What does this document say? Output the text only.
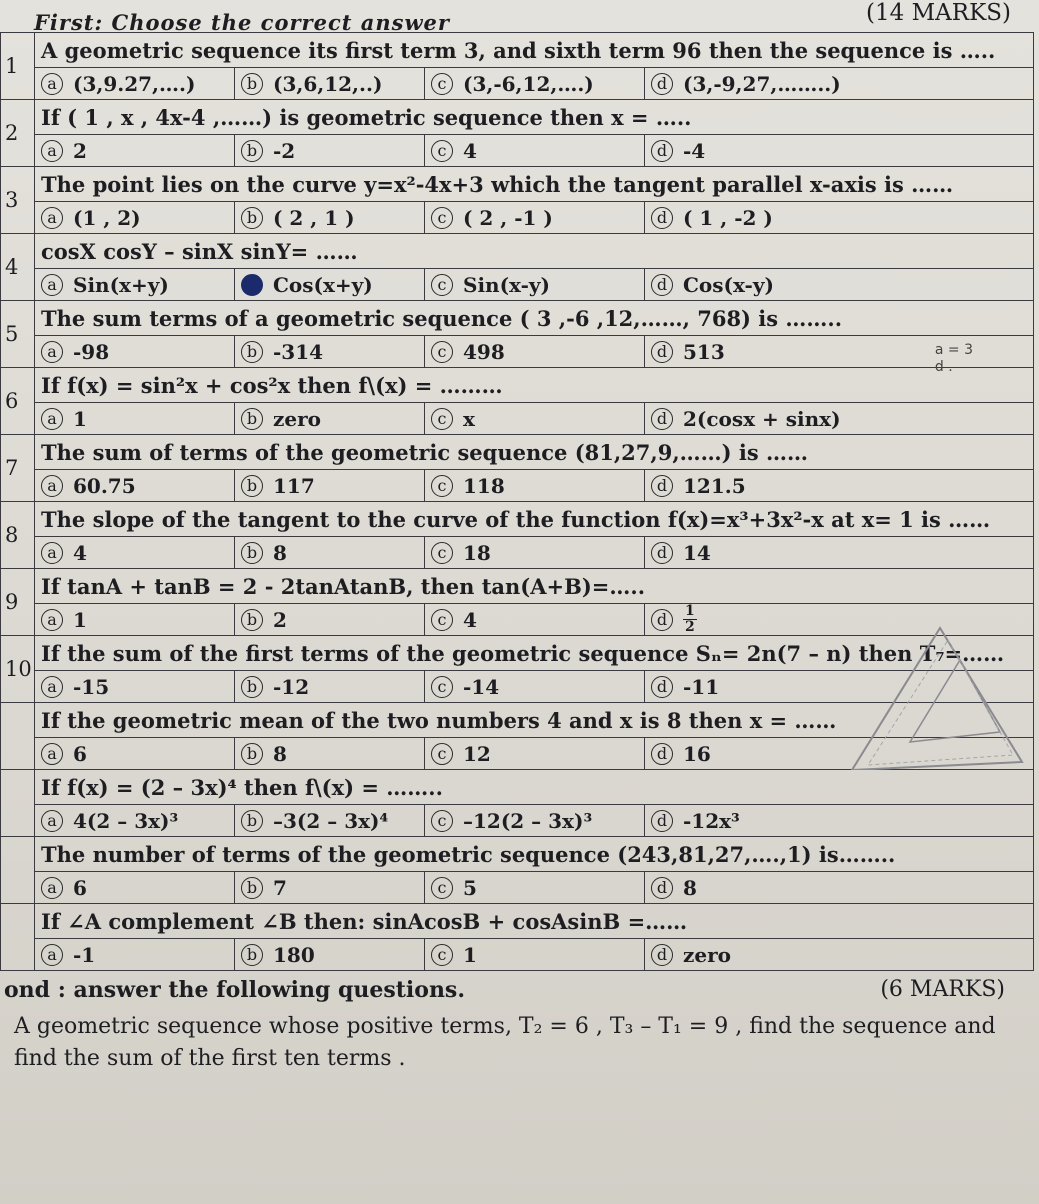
First: Choose the correct answer	(14 MARKS)
1	A geometric sequence its first term 3, and sixth term 96 then the sequence is …..			

	a (3,9.27,….)	b (3,6,12,..)	c (3,-6,12,….)	d (3,-9,27,……..)

2	If ( 1 , x , 4x-4 ,……) is geometric sequence then x = …..			

	a 2	b -2	c 4	d -4

3	The point lies on the curve y=x²-4x+3 which the tangent parallel x-axis is ……			

	a (1 , 2)	b ( 2 , 1 )	c ( 2 , -1 )	d ( 1 , -2 )

4	cosX cosY – sinX sinY= ……			

	a Sin(x+y)	b Cos(x+y)	c Sin(x-y)	d Cos(x-y)

5	The sum terms of a geometric sequence ( 3 ,-6 ,12,……, 768) is ……..			

	a -98	b -314	c 498	d 513

6	If f(x) = sin²x + cos²x then f\(x) = ………			

	a 1	b zero	c x	d 2(cosx + sinx)

7	The sum of terms of the geometric sequence (81,27,9,……) is ……			

	a 60.75	b 117	c 118	d 121.5

8	The slope of the tangent to the curve of the function f(x)=x³+3x²-x at x= 1 is ……			

	a 4	b 8	c 18	d 14

9	If tanA + tanB = 2 - 2tanAtanB, then tan(A+B)=…..			

	a 1	b 2	c 4	d $\frac{1}{2}$

10	If the sum of the first terms of the geometric sequence Sₙ= 2n(7 – n) then T₇=……			

	a -15	b -12	c -14	d -11

	If the geometric mean of the two numbers 4 and x is 8 then x = ……			

	a 6	b 8	c 12	d 16

	If f(x) = (2 – 3x)⁴ then f\(x) = ……..			

	a 4(2 – 3x)³	b –3(2 – 3x)⁴	c –12(2 – 3x)³	d -12x³

	The number of terms of the geometric sequence (243,81,27,….,1) is……..			

	a 6	b 7	c 5	d 8

	If ∠A complement ∠B then: sinAcosB + cosAsinB =……			

	a -1	b 180	c 1	d zero
a = 3
d .
ond : answer the following questions.	(6 MARKS)
A geometric sequence whose positive terms, T₂ = 6 , T₃ – T₁ = 9 , find the sequence and find the sum of the first ten terms .
